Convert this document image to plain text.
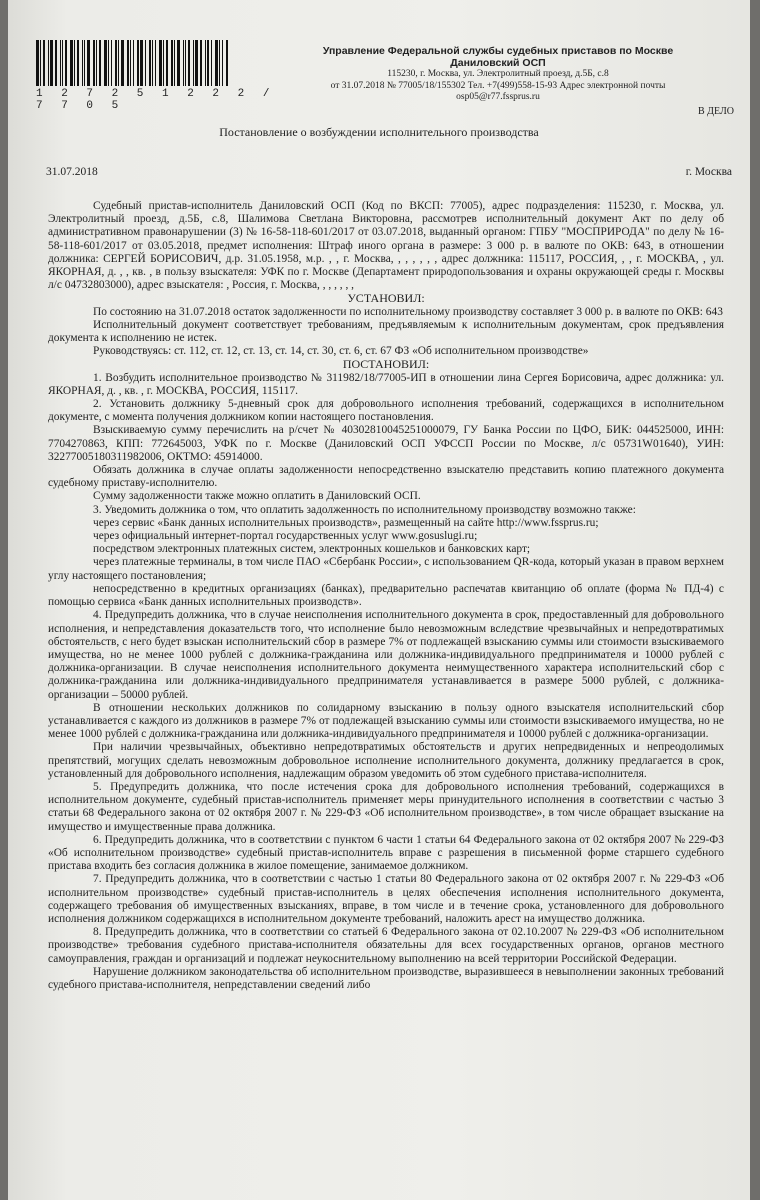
1 2 7 2 5 1 2 2 2 / 7 7 0 5
Управление Федеральной службы судебных приставов по Москве
Даниловский ОСП
115230, г. Москва, ул. Электролитный проезд, д.5Б, с.8
от 31.07.2018 № 77005/18/155302 Тел. +7(499)558-15-93 Адрес электронной почты
osp05@r77.fssprus.ru
В ДЕЛО
Постановление о возбуждении исполнительного производства
31.07.2018	г. Москва

Судебный пристав-исполнитель Даниловский ОСП (Код по ВКСП: 77005), адрес подразделения: 115230, г. Москва, ул. Электролитный проезд, д.5Б, с.8, Шалимова Светлана Викторовна, рассмотрев исполнительный документ Акт по делу об административном правонарушении (3) № 16-58-118-601/2017 от 03.07.2018, выданный органом: ГПБУ "МОСПРИРОДА" по делу № 16-58-118-601/2017 от 03.05.2018, предмет исполнения: Штраф иного органа в размере: 3 000 р. в валюте по ОКВ: 643, в отношении должника: СЕРГЕЙ БОРИСОВИЧ, д.р. 31.05.1958, м.р. , , г. Москва, , , , , , , адрес должника: 115117, РОССИЯ, , , г. МОСКВА, , ул. ЯКОРНАЯ, д. , , кв. , в пользу взыскателя: УФК по г. Москве (Департамент природопользования и охраны окружающей среды г. Москвы л/с 04732803000), адрес взыскателя: , Россия, г. Москва, , , , , , ,

УСТАНОВИЛ:

По состоянию на 31.07.2018 остаток задолженности по исполнительному производству составляет 3 000 р. в валюте по ОКВ: 643

Исполнительный документ соответствует требованиям, предъявляемым к исполнительным документам, срок предъявления документа к исполнению не истек.

Руководствуясь: ст. 112, ст. 12, ст. 13, ст. 14, ст. 30, ст. 6, ст. 67 ФЗ «Об исполнительном производстве»

ПОСТАНОВИЛ:

1. Возбудить исполнительное производство № 311982/18/77005-ИП в отношении лина Сергея Борисовича, адрес должника: ул. ЯКОРНАЯ, д. , кв. , г. МОСКВА, РОССИЯ, 115117.

2. Установить должнику 5-дневный срок для добровольного исполнения требований, содержащихся в исполнительном документе, с момента получения должником копии настоящего постановления.

Взыскиваемую сумму перечислить на р/счет № 40302810045251000079, ГУ Банка России по ЦФО, БИК: 044525000, ИНН: 7704270863, КПП: 772645003, УФК по г. Москве (Даниловский ОСП УФССП России по Москве, л/с 05731W01640), УИН: 32277005180311982006, ОКТМО: 45914000.

Обязать должника в случае оплаты задолженности непосредственно взыскателю представить копию платежного документа судебному приставу-исполнителю.

Сумму задолженности также можно оплатить в Даниловский ОСП.

3. Уведомить должника о том, что оплатить задолженность по исполнительному производству возможно также:

через сервис «Банк данных исполнительных производств», размещенный на сайте http://www.fssprus.ru;

через официальный интернет-портал государственных услуг www.gosuslugi.ru;

посредством электронных платежных систем, электронных кошельков и банковских карт;

через платежные терминалы, в том числе ПАО «Сбербанк России», с использованием QR-кода, который указан в правом верхнем углу настоящего постановления;

непосредственно в кредитных организациях (банках), предварительно распечатав квитанцию об оплате (форма № ПД-4) с помощью сервиса «Банк данных исполнительных производств».

4. Предупредить должника, что в случае неисполнения исполнительного документа в срок, предоставленный для добровольного исполнения, и непредставления доказательств того, что исполнение было невозможным вследствие чрезвычайных и непредотвратимых обстоятельств, с него будет взыскан исполнительский сбор в размере 7% от подлежащей взысканию суммы или стоимости взыскиваемого имущества, но не менее 1000 рублей с должника-гражданина или должника-индивидуального предпринимателя и 10000 рублей с должника-организации. В случае неисполнения исполнительного документа неимущественного характера исполнительский сбор с должника-гражданина или должника-индивидуального предпринимателя устанавливается в размере 5000 рублей, с должника-организации – 50000 рублей.

В отношении нескольких должников по солидарному взысканию в пользу одного взыскателя исполнительский сбор устанавливается с каждого из должников в размере 7% от подлежащей взысканию суммы или стоимости взыскиваемого имущества, но не менее 1000 рублей с должника-гражданина или должника-индивидуального предпринимателя и 10000 рублей с должника-организации.

При наличии чрезвычайных, объективно непредотвратимых обстоятельств и других непредвиденных и непреодолимых препятствий, могущих сделать невозможным добровольное исполнение исполнительного документа, должнику предлагается в срок, установленный для добровольного исполнения, надлежащим образом уведомить об этом судебного пристава-исполнителя.

5. Предупредить должника, что после истечения срока для добровольного исполнения требований, содержащихся в исполнительном документе, судебный пристав-исполнитель применяет меры принудительного исполнения в соответствии с частью 3 статьи 68 Федерального закона от 02 октября 2007 г. № 229-ФЗ «Об исполнительном производстве», в том числе обращает взыскание на имущество и имущественные права должника.

6. Предупредить должника, что в соответствии с пунктом 6 части 1 статьи 64 Федерального закона от 02 октября 2007 № 229-ФЗ «Об исполнительном производстве» судебный пристав-исполнитель вправе с разрешения в письменной форме старшего судебного пристава входить без согласия должника в жилое помещение, занимаемое должником.

7. Предупредить должника, что в соответствии с частью 1 статьи 80 Федерального закона от 02 октября 2007 г. № 229-ФЗ «Об исполнительном производстве» судебный пристав-исполнитель в целях обеспечения исполнения исполнительного документа, содержащего требования об имущественных взысканиях, вправе, в том числе и в течение срока, установленного для добровольного исполнения должником содержащихся в исполнительном документе требований, наложить арест на имущество должника.

8. Предупредить должника, что в соответствии со статьей 6 Федерального закона от 02.10.2007 № 229-ФЗ «Об исполнительном производстве» требования судебного пристава-исполнителя обязательны для всех государственных органов, органов местного самоуправления, граждан и организаций и подлежат неукоснительному выполнению на всей территории Российской Федерации.

Нарушение должником законодательства об исполнительном производстве, выразившееся в невыполнении законных требований судебного пристава-исполнителя, непредставлении сведений либо
